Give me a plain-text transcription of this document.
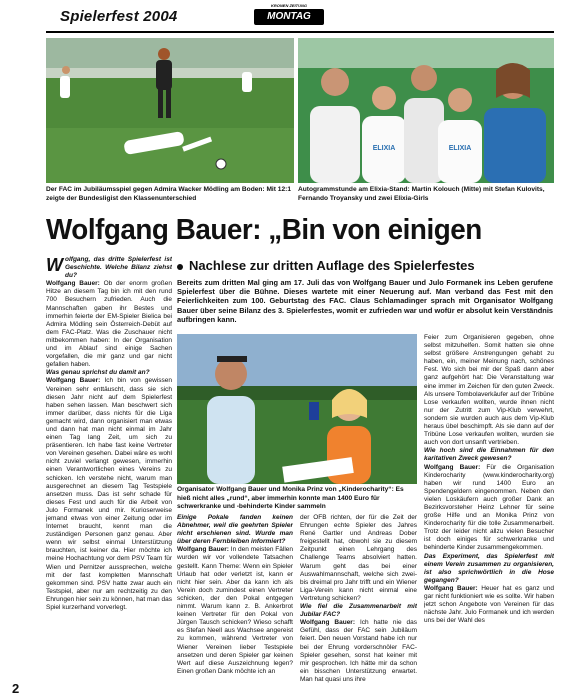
Spielerfest 2004
KRONEN ZEITUNG
MONTAG
Der FAC im Jubiläumsspiel gegen Admira Wacker Mödling am Boden: Mit 12:1 zeigte der Bundesligist den Klassenunterschied
ELIXIA	ELIXIA
Autogrammstunde am Elixia-Stand: Martin Kolouch (Mitte) mit Stefan Kulovits, Fernando Troyansky und zwei Elixia-Girls
Wolfgang Bauer: „Bin von einigen
Nachlese zur dritten Auflage des Spielerfestes
Bereits zum dritten Mal ging am 17. Juli das von Wolfgang Bauer und Julo Formanek ins Leben gerufene Spielerfest über die Bühne. Dieses wartete mit einer Neuerung auf. Man verband das Fest mit den Feierlichkeiten zum 100. Geburtstag des FAC. Claus Schlamadinger sprach mit Organisator Wolfgang Bauer über seine Bilanz des 3. Spielerfestes, womit er zufrieden war und wofür er absolut kein Verständnis aufbringen kann.

Wolfgang, das dritte Spielerfest ist Geschichte. Welche Bilanz ziehst du?

Wolfgang Bauer: Ob der enorm großen Hitze an diesem Tag bin ich mit den rund 700 Besuchern zufrieden. Auch die Mannschaften gaben ihr Bestes und immerhin feierte der EM-Spieler Bielica bei Admira Mödling sein Österreich-Debüt auf dem FAC-Platz. Was die Zuschauer nicht mitbekommen haben: In der Organisation und im Ablauf sind einige Sachen vorgefallen, die mir ganz und gar nicht gefallen haben.

Was genau sprichst du damit an?

Wolfgang Bauer: Ich bin von gewissen Vereinen sehr enttäuscht, dass sie sich diesen Jahr nicht auf dem Spielerfest haben sehen lassen. Man beschwert sich immer darüber, dass nichts für die Liga gemacht wird, dann organisiert man etwas und dann hat man nicht einmal im Jahr einen Tag lang Zeit, um sich zu präsentieren. Ich habe fast keine Vertreter von Vereinen gesehen. Dabei wäre es wohl nicht zuviel verlangt gewesen, immerhin einen Verantwortlichen eines Vereins zu schicken. Ich verstehe nicht, warum man ausgerechnet an diesem Tag Testspiele ansetzen muss. Das ist sehr schade für dieses Fest und auch für die Arbeit von Julo Formanek und mir. Kurioserweise jemand etwas von einer Zeitung oder im Internet braucht, kennt man die zuständigen Personen ganz genau. Aber wenn wir selbst einmal Unterstützung brauchten, ist keiner da. Hier möchte ich meine Hochachtung vor dem PSV Team für Wien und Pernitzer aussprechen, welche mit der fast kompletten Mannschaft gekommen sind. PSV hatte zwar auch ein Testspiel, aber nur am rechtzeitig zu den Ehrungen hier sein zu können, hat man das Spiel kurzerhand vorverlegt.

Organisator Wolfgang Bauer und Monika Prinz von „Kinderocharity“: Es hieß nicht alles „rund“, aber immerhin konnte man 1400 Euro für schwerkranke und -behinderte Kinder sammeln

Einige Pokale fanden keinen Abnehmer, weil die geehrten Spieler nicht erschienen sind. Wurde man über deren Fernbleiben informiert?

Wolfgang Bauer: In den meisten Fällen wurden wir vor vollendete Tatsachen gestellt. Kann Theme: Wenn ein Spieler Urlaub hat oder verletzt ist, kann er nicht hier sein. Aber da kann ich als Verein doch zumindest einen Vertreter schicken, der den Pokal entgegen nimmt. Warum kann z. B. Ankerbrot keinen Vertreter für den Pokal von Jürgen Tausch schicken? Wieso schafft es Stefan Neell aus Wachsee angereist zu kommen, während Vertreter von Wiener Vereinen lieber Testspiele ansetzen und deren Spieler gar keinen Wert auf diese Auszeichnung legen? Einen großen Dank möchte ich an

der OFB richten, der für die Zeit der Ehrungen echte Spieler des Jahres René Gartler und Andreas Dober freigestellt hat, obwohl sie zu diesem Zeitpunkt einen Lehrgang des Challenge Teams absolviert hatten. Warum geht das bei einer Auswahlmannschaft, welche sich zwei- bis dreimal pro Jahr trifft und ein Wiener Liga-Verein kann nicht einmal eine Vertretung schicken?

Wie fiel die Zusammenarbeit mit Jubilar FAC?

Wolfgang Bauer: Ich hatte nie das Gefühl, dass der FAC sein Jubiläum feiert. Den neuen Vorstand habe ich nur bei der Ehrung vorderschnöler FAC-Spieler gesehen, sonst hat keiner mit mir gesprochen. Ich hätte mir da schon ein bisschen Unterstützung erwartet. Man hat quasi uns ihre

Feier zum Organisieren gegeben, ohne selbst mitzuhelfen. Somit hatten sie ohne selbst größere Anstrengungen gehabt zu haben, ein, meiner Meinung nach, schönes Fest. Wo sich bei mir der Spaß dann aber ganz aufgehört hat: Die Veranstaltung war eine immer im Zeichen für den guten Zweck. Als unsere Tombolaverkäufer auf der Tribüne Lose verkaufen wollten, wurde ihnen nicht nur der Zutritt zum Vip-Klub verwehrt, sondern sie wurden auch aus dem Vip-Klub heraus übel beschimpft. Als sie dann auf der Tribüne Lose verkaufen wollten, wurden sie auch von dort unsanft vertrieben.

Wie hoch sind die Einnahmen für den karitativen Zweck gewesen?

Wolfgang Bauer: Für die Organisation Kinderocharity (www.kinderocharity.org) haben wir rund 1400 Euro an Spendengeldern eingenommen. Neben den vielen Loskäufern auch großer Dank an Bezirksvorsteher Heinz Lehner für seine große Hilfe und an Monika Prinz von Kinderocharity für die tolle Zusammenarbeit. Trotz der leider nicht allzu vielen Besucher ist doch einiges für schwerkranke und behinderte Kinder zusammengekommen.

Das Experiment, das Spielerfest mit einem Verein zusammen zu organisieren, ist also sprichwörtlich in die Hose gegangen?

Wolfgang Bauer: Heuer hat es ganz und gar nicht funktioniert wie es sollte. Wir haben jetzt schon Angebote von Vereinen für das nächste Jahr. Julo Formanek und ich werden uns bei der Wahl des

2
